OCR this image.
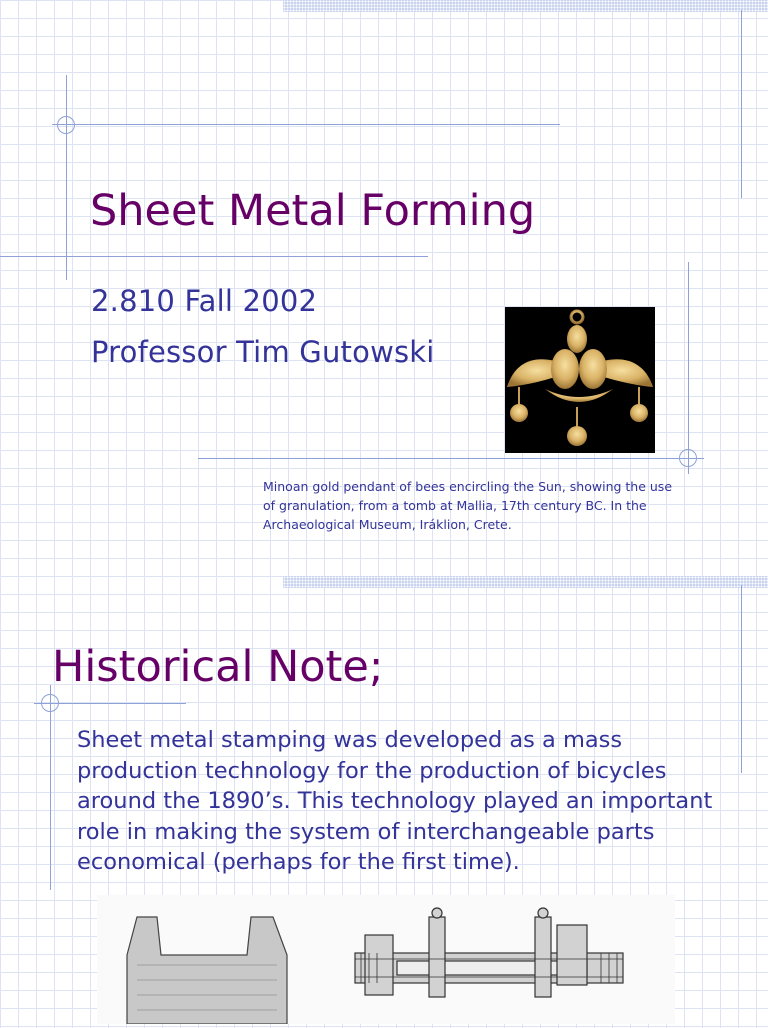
Sheet Metal Forming
2.810 Fall 2002
Professor Tim Gutowski
Minoan gold pendant of bees encircling the Sun, showing the use of granulation, from a tomb at Mallia, 17th century BC. In the Archaeological Museum, Iráklion, Crete.
Historical Note;
Sheet metal stamping was developed as a mass production technology for the production of bicycles around the 1890’s. This technology played an important role in making the system of interchangeable parts economical (perhaps for the first time).
